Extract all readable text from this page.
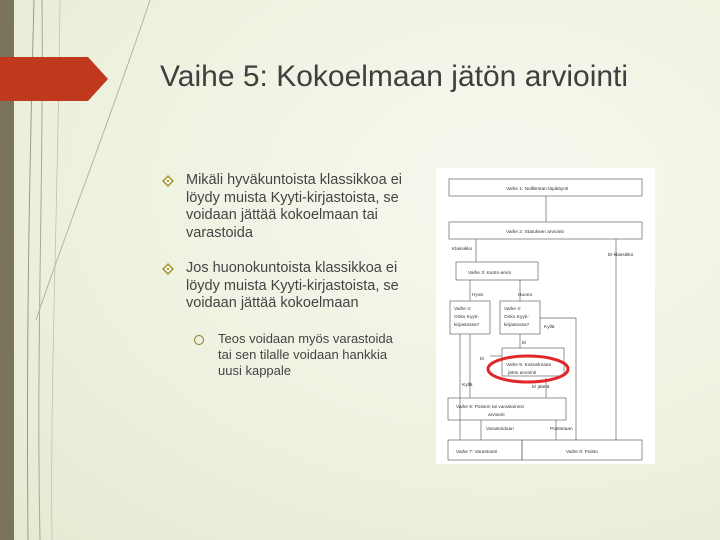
Vaihe 5: Kokoelmaan jätön arviointi
Mikäli hyväkuntoista klassikkoa ei löydy muista Kyyti-kirjastoista, se voidaan jättää kokoelmaan tai varastoida
Jos huonokuntoista klassikkoa ei löydy muista Kyyti-kirjastoista, se voidaan jättää kokoelmaan
Teos voidaan myös varastoida tai sen tilalle voidaan hankkia uusi kappale
Vaihe 1: Nollkirstan läpikäynti
Vaihe 2: Statuksen arviointi
Klassikko
Ei-klassikko
Vaihe 3: Kunto-arvio
Hyvä	Huono
Vaihe 4:
Onko Kyyti-
kirjastossa?
Vaihe 4:
Onko Kyyti-
kirjastossa?	Kyllä
Ei
Ei
Vaihe 5: Kokoelmaan
jätön arviointi
Kyllä	Ei jätetä
Vaihe 6: Poiston tai varastoinnin
arviointi
Varastoidaan	Poistetaan
Vaihe 7: Varastointi	Vaihe 8: Poisto
